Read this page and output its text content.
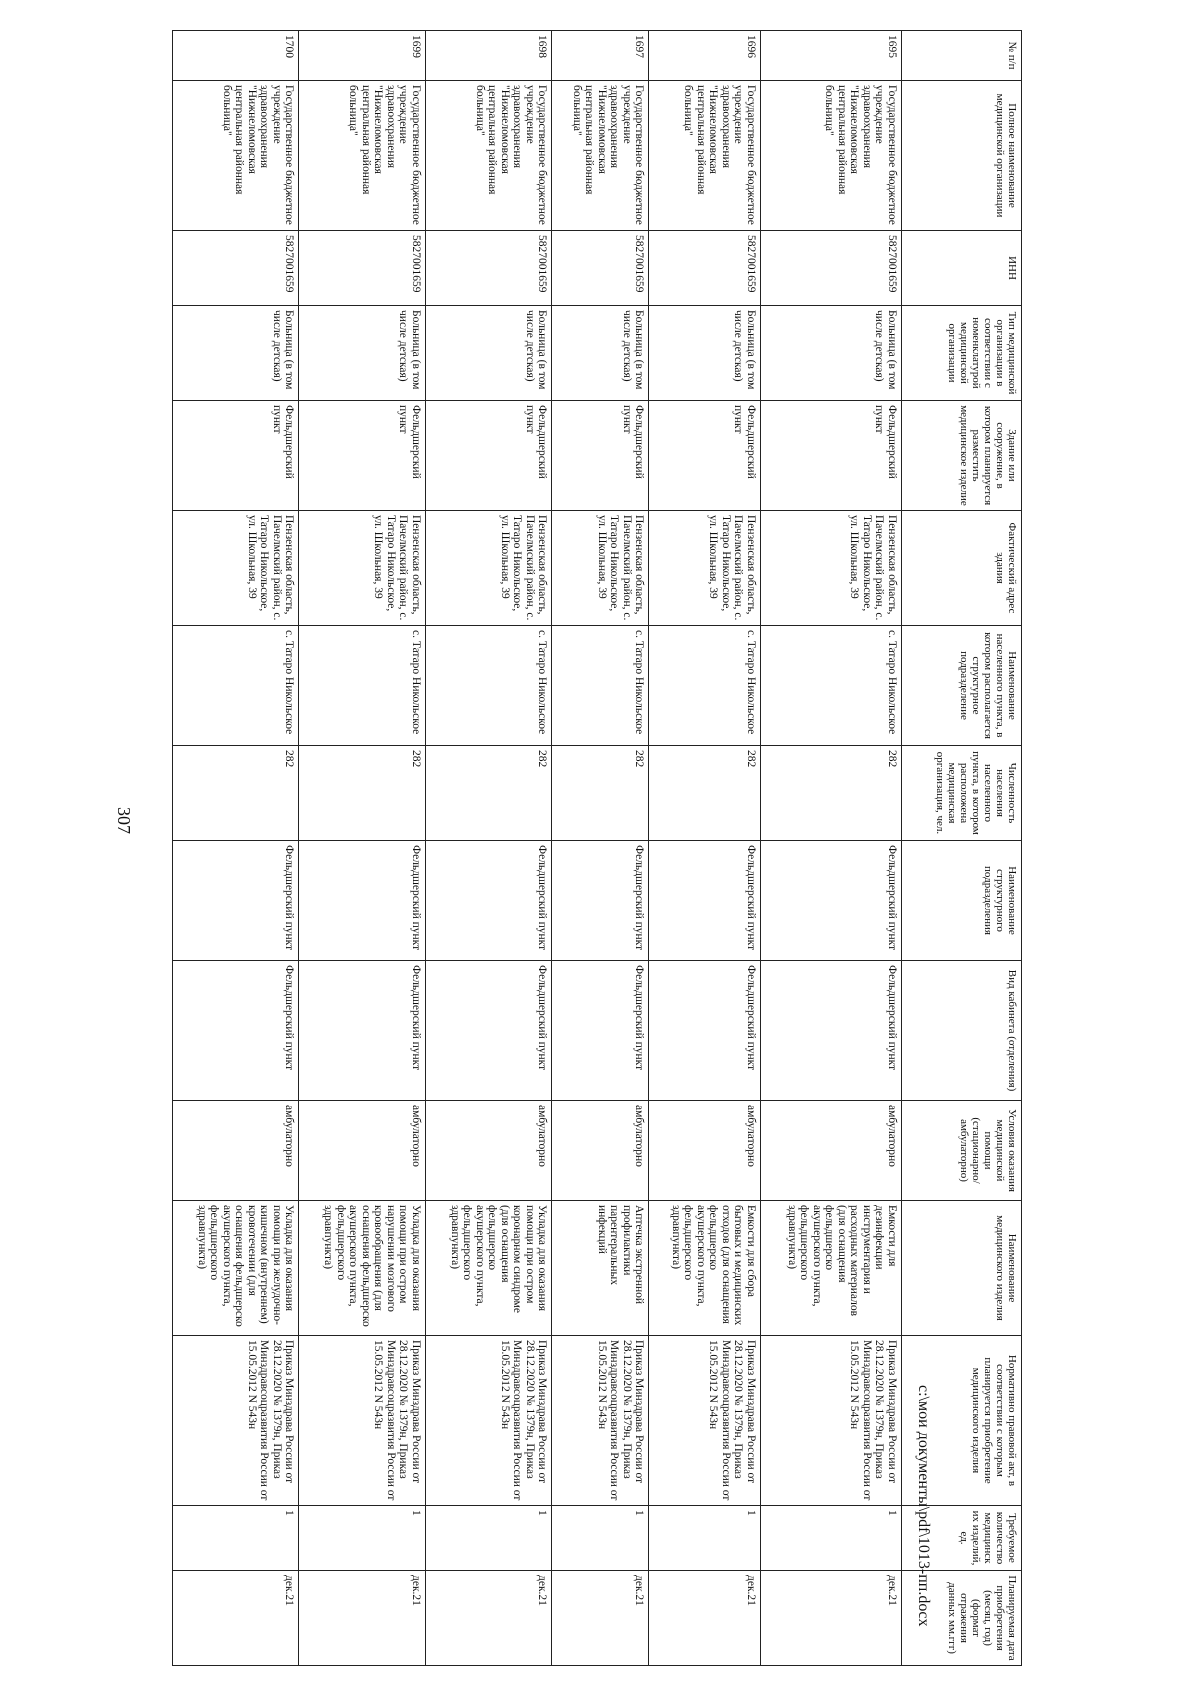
307
№ п/п	Полное наименование медицинской организации	ИНН	Тип медицинской организации в соответствии с номенклатурой медицинской организации	Здание или сооружение, в котором планируется разместить медицинское изделие	Фактический адрес здания	Наименование населенного пункта, в котором располагается структурное подразделение	Численность населения населенного пункта, в котором расположена медицинская организация, чел.	Наименование структурного подразделения	Вид кабинета (отделения)	Условия оказания медицинской помощи (стационарно/ амбулаторно)	Наименование медицинского изделия	Нормативно правовой акт, в соответствии с которым планируется приобретение медицинского изделия	Требуемое количество медицинских изделий, ед.	Планируемая дата приобретения (месяц, год) (формат отражения данных мм.ггг)
1695	Государственное бюджетное учреждение здравоохранения "Нижнеломовская центральная районная больница"	5827001659	Больница (в том числе детская)	Фельдшерский пункт	Пензенская область, Пачелмский район, с. Татаро Никольское, ул. Школьная, 39	с. Татаро Никольское	282	Фельдшерский пункт	Фельдшерский пункт	амбулаторно	Емкости для дезинфекции инструментария и расходных материалов (для оснащения фельдшерско акушерского пункта, фельдшерского здравпункта)	Приказ Минздрава России от 28.12.2020 № 1379н, Приказ Минздравсоцразвития России от 15.05.2012 N 543н	1	дек.21
1696	Государственное бюджетное учреждение здравоохранения "Нижнеломовская центральная районная больница"	5827001659	Больница (в том числе детская)	Фельдшерский пункт	Пензенская область, Пачелмский район, с. Татаро Никольское, ул. Школьная, 39	с. Татаро Никольское	282	Фельдшерский пункт	Фельдшерский пункт	амбулаторно	Емкости для сбора бытовых и медицинских отходов (для оснащения фельдшерско акушерского пункта, фельдшерского здравпункта)	Приказ Минздрава России от 28.12.2020 № 1379н, Приказ Минздравсоцразвития России от 15.05.2012 N 543н	1	дек.21
1697	Государственное бюджетное учреждение здравоохранения "Нижнеломовская центральная районная больница"	5827001659	Больница (в том числе детская)	Фельдшерский пункт	Пензенская область, Пачелмский район, с. Татаро Никольское, ул. Школьная, 39	с. Татаро Никольское	282	Фельдшерский пункт	Фельдшерский пункт	амбулаторно	Аптечка экстренной профилактики парентеральных инфекций	Приказ Минздрава России от 28.12.2020 № 1379н, Приказ Минздравсоцразвития России от 15.05.2012 N 543н	1	дек.21
1698	Государственное бюджетное учреждение здравоохранения "Нижнеломовская центральная районная больница"	5827001659	Больница (в том числе детская)	Фельдшерский пункт	Пензенская область, Пачелмский район, с. Татаро Никольское, ул. Школьная, 39	с. Татаро Никольское	282	Фельдшерский пункт	Фельдшерский пункт	амбулаторно	Укладка для оказания помощи при остром коронарном синдроме (для оснащения фельдшерско акушерского пункта, фельдшерского здравпункта)	Приказ Минздрава России от 28.12.2020 № 1379н, Приказ Минздравсоцразвития России от 15.05.2012 N 543н	1	дек.21
1699	Государственное бюджетное учреждение здравоохранения "Нижнеломовская центральная районная больница"	5827001659	Больница (в том числе детская)	Фельдшерский пункт	Пензенская область, Пачелмский район, с. Татаро Никольское, ул. Школьная, 39	с. Татаро Никольское	282	Фельдшерский пункт	Фельдшерский пункт	амбулаторно	Укладка для оказания помощи при остром нарушении мозгового кровообращения (для оснащения фельдшерско акушерского пункта, фельдшерского здравпункта)	Приказ Минздрава России от 28.12.2020 № 1379н, Приказ Минздравсоцразвития России от 15.05.2012 N 543н	1	дек.21
1700	Государственное бюджетное учреждение здравоохранения "Нижнеломовская центральная районная больница"	5827001659	Больница (в том числе детская)	Фельдшерский пункт	Пензенская область, Пачелмский район, с. Татаро Никольское, ул. Школьная, 39	с. Татаро Никольское	282	Фельдшерский пункт	Фельдшерский пункт	амбулаторно	Укладка для оказания помощи при желудочно-кишечном (внутреннем) кровотечении (для оснащения фельдшерско акушерского пункта, фельдшерского здравпункта)	Приказ Минздрава России от 28.12.2020 № 1379н, Приказ Минздравсоцразвития России от 15.05.2012 N 543н	1	дек.21	c:\мои документы\pdf\1013-пп.docx
